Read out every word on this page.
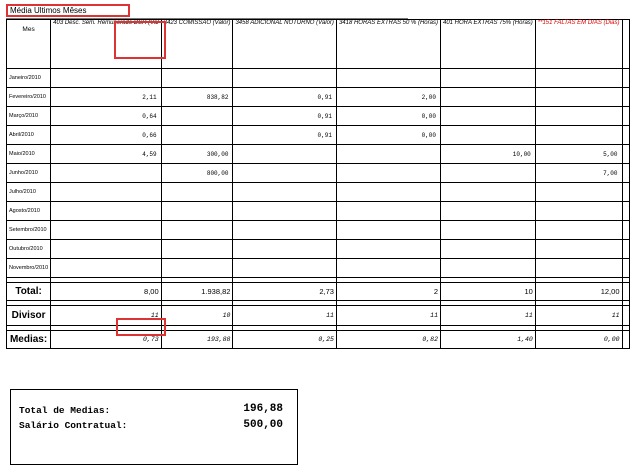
Média Ultimos Mêses
Mes	403 Desc. Sem. Remunerado DSR (Val	3423 COMISSAO (Valor)	3458 ADICIONAL NOTURNO (Valor)	3418 HORAS EXTRAS 50 % (Horas)	401 HORA EXTRAS 75% (Horas)	**151 FALTAS EM DIAS (Dias)	
Janeiro/2010							
Fevereiro/2010	2,11	838,82	0,91	2,00			
Março/2010	0,64		0,91	0,00			
Abril/2010	0,66		0,91	0,00			
Maio/2010	4,59	300,00			10,00	5,00	
Junho/2010		800,00				7,00	
Julho/2010							
Agosto/2010							
Setembro/2010							
Outubro/2010							
Novembro/2010							

Total:	8,00	1.938,82	2,73	2	10	12,00	

Divisor	11	10	11	11	11	11	

Medias:	0,73	193,88	0,25	0,82	1,40	0,00	
Total de Medias:	196,88
Salário Contratual:	500,00
